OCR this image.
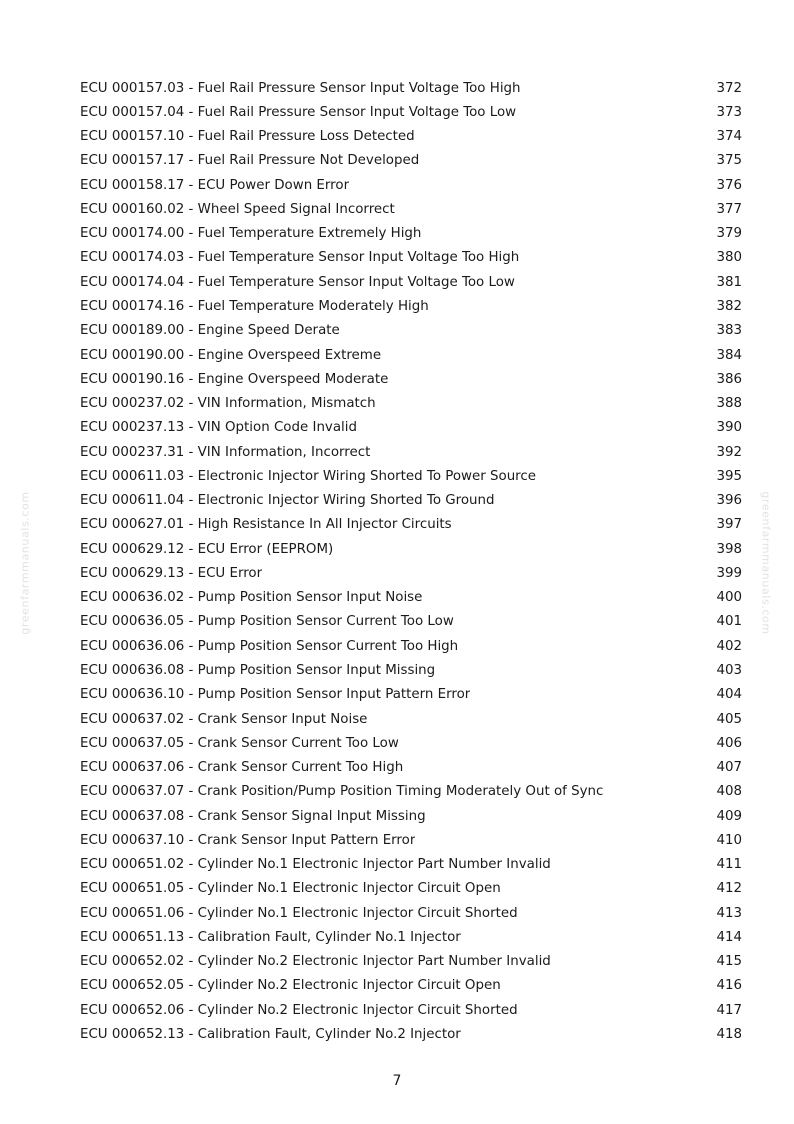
ECU 000157.03 - Fuel Rail Pressure Sensor Input Voltage Too High	372
ECU 000157.04 - Fuel Rail Pressure Sensor Input Voltage Too Low	373
ECU 000157.10 - Fuel Rail Pressure Loss Detected	374
ECU 000157.17 - Fuel Rail Pressure Not Developed	375
ECU 000158.17 - ECU Power Down Error	376
ECU 000160.02 - Wheel Speed Signal Incorrect	377
ECU 000174.00 - Fuel Temperature Extremely High	379
ECU 000174.03 - Fuel Temperature Sensor Input Voltage Too High	380
ECU 000174.04 - Fuel Temperature Sensor Input Voltage Too Low	381
ECU 000174.16 - Fuel Temperature Moderately High	382
ECU 000189.00 - Engine Speed Derate	383
ECU 000190.00 - Engine Overspeed Extreme	384
ECU 000190.16 - Engine Overspeed Moderate	386
ECU 000237.02 - VIN Information, Mismatch	388
ECU 000237.13 - VIN Option Code Invalid	390
ECU 000237.31 - VIN Information, Incorrect	392
ECU 000611.03 - Electronic Injector Wiring Shorted To Power Source	395
ECU 000611.04 - Electronic Injector Wiring Shorted To Ground	396
ECU 000627.01 - High Resistance In All Injector Circuits	397
ECU 000629.12 - ECU Error (EEPROM)	398
ECU 000629.13 - ECU Error	399
ECU 000636.02 - Pump Position Sensor Input Noise	400
ECU 000636.05 - Pump Position Sensor Current Too Low	401
ECU 000636.06 - Pump Position Sensor Current Too High	402
ECU 000636.08 - Pump Position Sensor Input Missing	403
ECU 000636.10 - Pump Position Sensor Input Pattern Error	404
ECU 000637.02 - Crank Sensor Input Noise	405
ECU 000637.05 - Crank Sensor Current Too Low	406
ECU 000637.06 - Crank Sensor Current Too High	407
ECU 000637.07 - Crank Position/Pump Position Timing Moderately Out of Sync	408
ECU 000637.08 - Crank Sensor Signal Input Missing	409
ECU 000637.10 - Crank Sensor Input Pattern Error	410
ECU 000651.02 - Cylinder No.1 Electronic Injector Part Number Invalid	411
ECU 000651.05 - Cylinder No.1 Electronic Injector Circuit Open	412
ECU 000651.06 - Cylinder No.1 Electronic Injector Circuit Shorted	413
ECU 000651.13 - Calibration Fault, Cylinder No.1 Injector	414
ECU 000652.02 - Cylinder No.2 Electronic Injector Part Number Invalid	415
ECU 000652.05 - Cylinder No.2 Electronic Injector Circuit Open	416
ECU 000652.06 - Cylinder No.2 Electronic Injector Circuit Shorted	417
ECU 000652.13 - Calibration Fault, Cylinder No.2 Injector	418
7
greenfarmmanuals.com	greenfarmmanuals.com
